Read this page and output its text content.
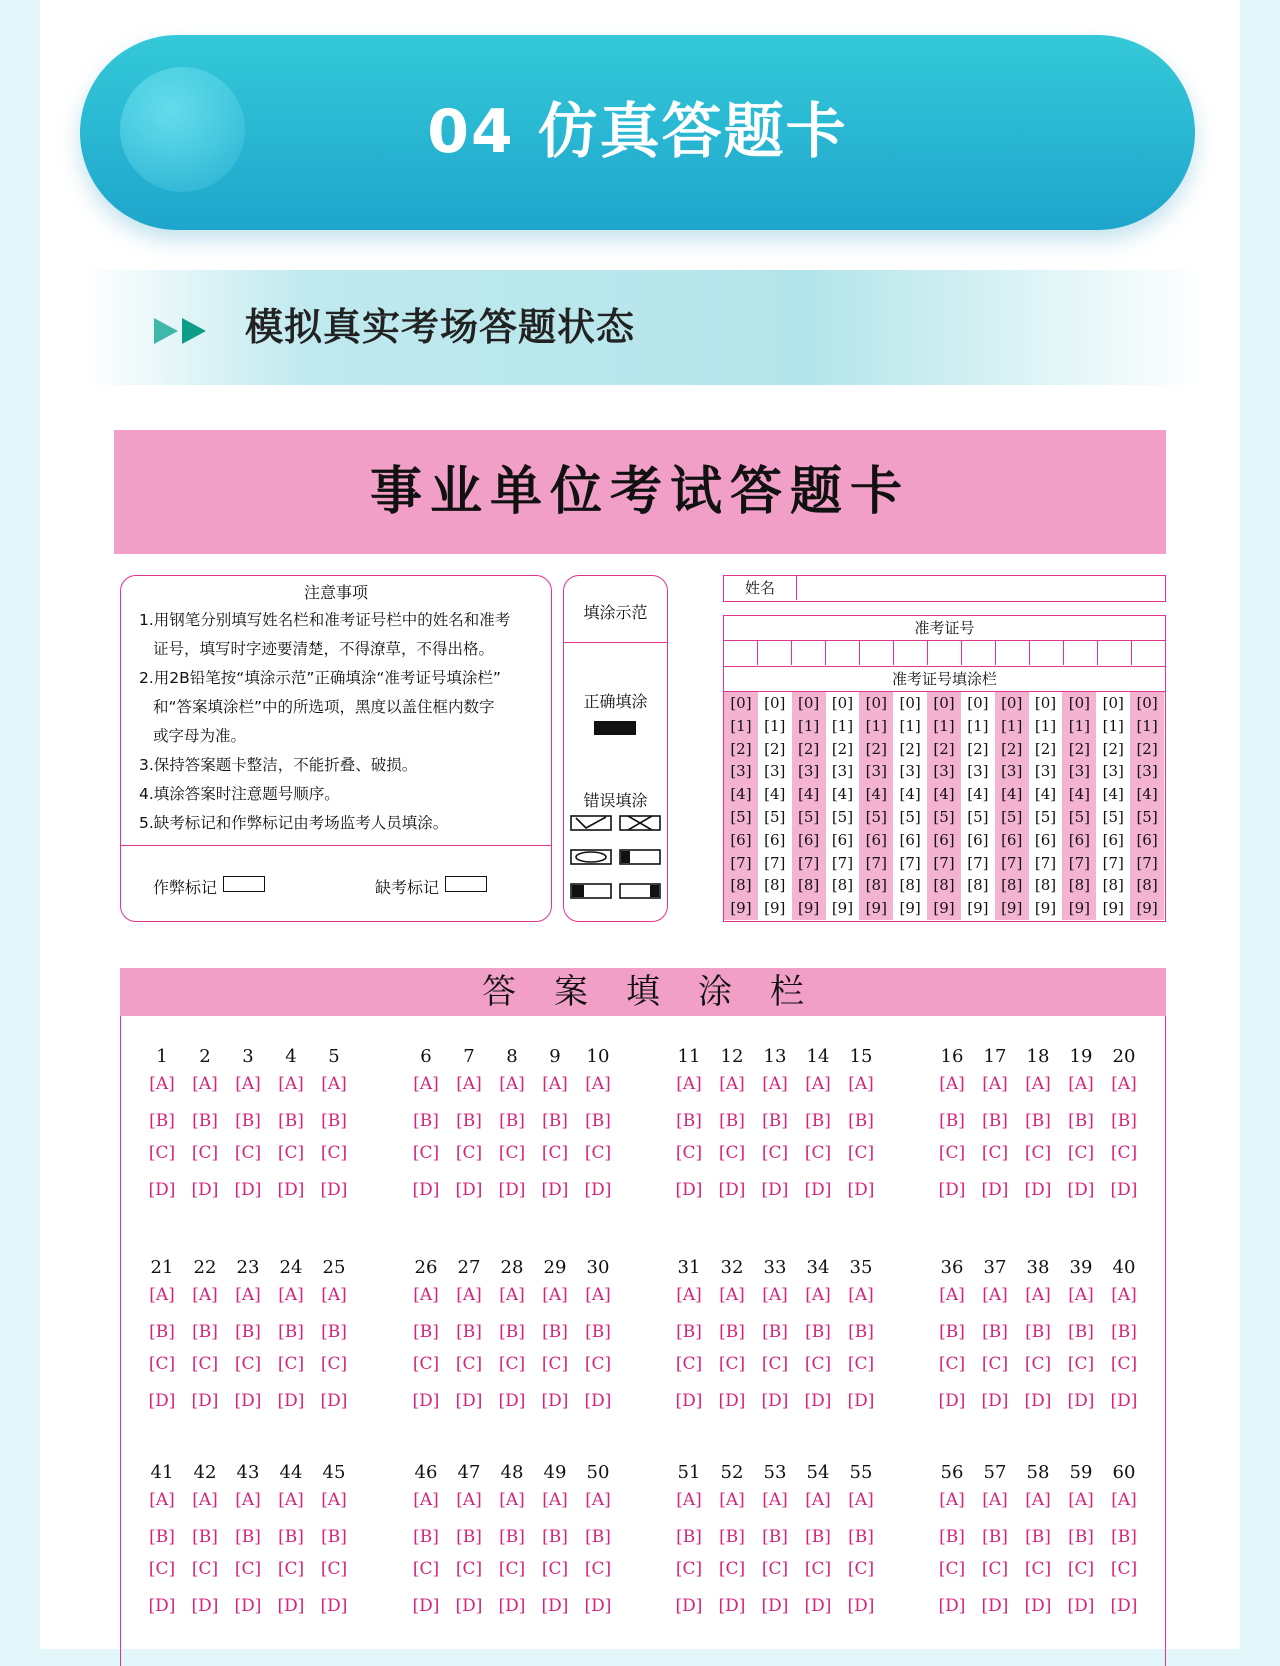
04 仿真答题卡
模拟真实考场答题状态
事业单位考试答题卡
注意事项
1.用钢笔分别填写姓名栏和准考证号栏中的姓名和准考
证号，填写时字迹要清楚，不得潦草，不得出格。
2.用2B铅笔按“填涂示范”正确填涂“准考证号填涂栏”
和“答案填涂栏”中的所选项，黑度以盖住框内数字
或字母为准。
3.保持答案题卡整洁，不能折叠、破损。
4.填涂答案时注意题号顺序。
5.缺考标记和作弊标记由考场监考人员填涂。
作弊标记	缺考标记
填涂示范
正确填涂
错误填涂
姓名
准考证号
准考证号填涂栏
[0] [0] [0] [0] [0] [0] [0] [0] [0] [0] [0] [0] [0]
[1] [1] [1] [1] [1] [1] [1] [1] [1] [1] [1] [1] [1]
[2] [2] [2] [2] [2] [2] [2] [2] [2] [2] [2] [2] [2]
[3] [3] [3] [3] [3] [3] [3] [3] [3] [3] [3] [3] [3]
[4] [4] [4] [4] [4] [4] [4] [4] [4] [4] [4] [4] [4]
[5] [5] [5] [5] [5] [5] [5] [5] [5] [5] [5] [5] [5]
[6] [6] [6] [6] [6] [6] [6] [6] [6] [6] [6] [6] [6]
[7] [7] [7] [7] [7] [7] [7] [7] [7] [7] [7] [7] [7]
[8] [8] [8] [8] [8] [8] [8] [8] [8] [8] [8] [8] [8]
[9] [9] [9] [9] [9] [9] [9] [9] [9] [9] [9] [9] [9]
答案填涂栏
1
[A]
[B]
[C]
[D]
2
[A]
[B]
[C]
[D]
3
[A]
[B]
[C]
[D]
4
[A]
[B]
[C]
[D]
5
[A]
[B]
[C]
[D]
6
[A]
[B]
[C]
[D]
7
[A]
[B]
[C]
[D]
8
[A]
[B]
[C]
[D]
9
[A]
[B]
[C]
[D]
10
[A]
[B]
[C]
[D]
11
[A]
[B]
[C]
[D]
12
[A]
[B]
[C]
[D]
13
[A]
[B]
[C]
[D]
14
[A]
[B]
[C]
[D]
15
[A]
[B]
[C]
[D]
16
[A]
[B]
[C]
[D]
17
[A]
[B]
[C]
[D]
18
[A]
[B]
[C]
[D]
19
[A]
[B]
[C]
[D]
20
[A]
[B]
[C]
[D]
21
[A]
[B]
[C]
[D]
22
[A]
[B]
[C]
[D]
23
[A]
[B]
[C]
[D]
24
[A]
[B]
[C]
[D]
25
[A]
[B]
[C]
[D]
26
[A]
[B]
[C]
[D]
27
[A]
[B]
[C]
[D]
28
[A]
[B]
[C]
[D]
29
[A]
[B]
[C]
[D]
30
[A]
[B]
[C]
[D]
31
[A]
[B]
[C]
[D]
32
[A]
[B]
[C]
[D]
33
[A]
[B]
[C]
[D]
34
[A]
[B]
[C]
[D]
35
[A]
[B]
[C]
[D]
36
[A]
[B]
[C]
[D]
37
[A]
[B]
[C]
[D]
38
[A]
[B]
[C]
[D]
39
[A]
[B]
[C]
[D]
40
[A]
[B]
[C]
[D]
41
[A]
[B]
[C]
[D]
42
[A]
[B]
[C]
[D]
43
[A]
[B]
[C]
[D]
44
[A]
[B]
[C]
[D]
45
[A]
[B]
[C]
[D]
46
[A]
[B]
[C]
[D]
47
[A]
[B]
[C]
[D]
48
[A]
[B]
[C]
[D]
49
[A]
[B]
[C]
[D]
50
[A]
[B]
[C]
[D]
51
[A]
[B]
[C]
[D]
52
[A]
[B]
[C]
[D]
53
[A]
[B]
[C]
[D]
54
[A]
[B]
[C]
[D]
55
[A]
[B]
[C]
[D]
56
[A]
[B]
[C]
[D]
57
[A]
[B]
[C]
[D]
58
[A]
[B]
[C]
[D]
59
[A]
[B]
[C]
[D]
60
[A]
[B]
[C]
[D]
